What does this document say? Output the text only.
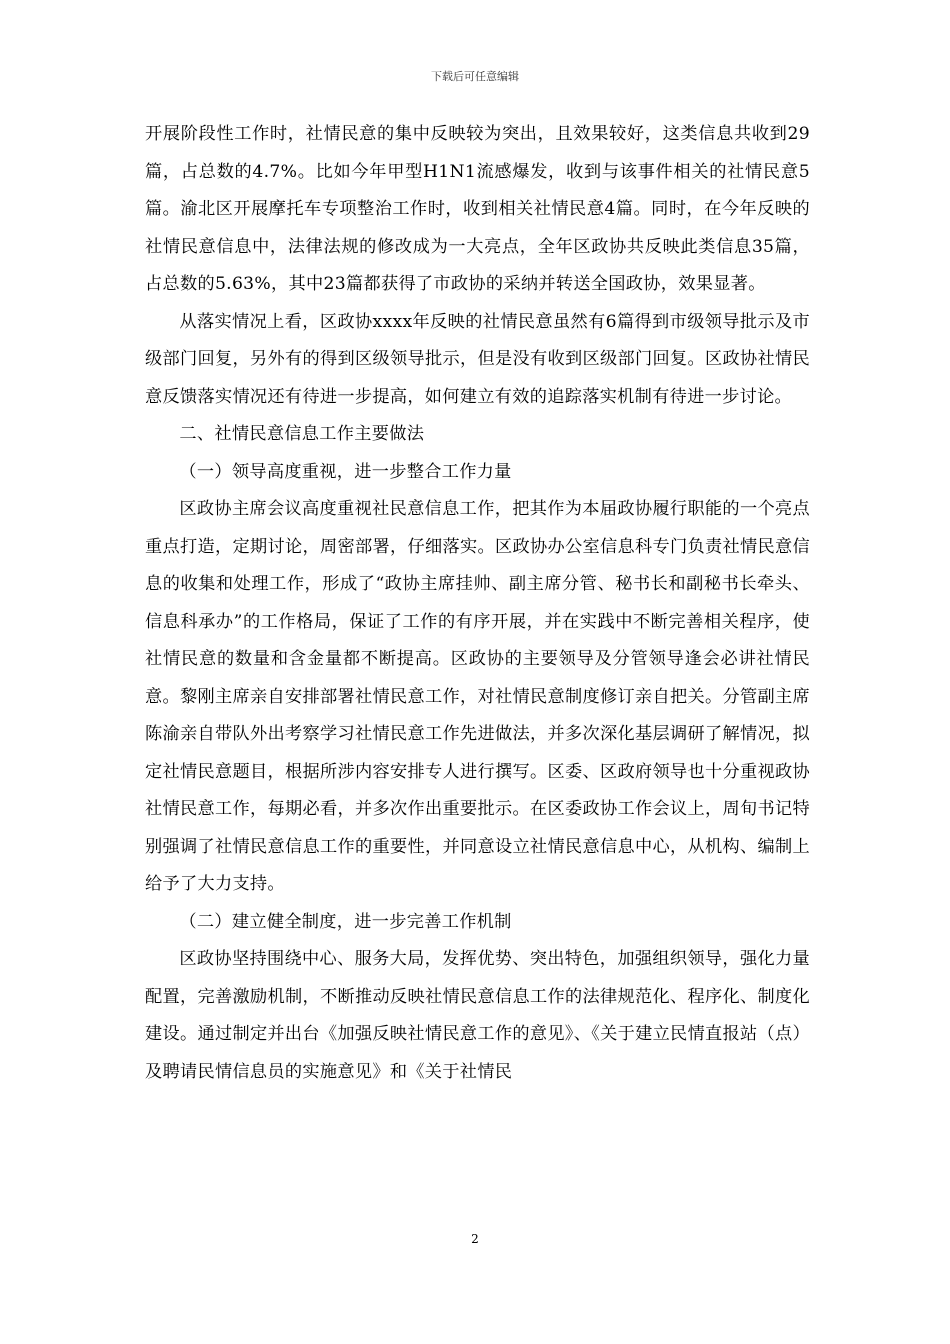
下载后可任意编辑

开展阶段性工作时，社情民意的集中反映较为突出，且效果较好，这类信息共收到29篇，占总数的4.7%。比如今年甲型H1N1流感爆发，收到与该事件相关的社情民意5篇。渝北区开展摩托车专项整治工作时，收到相关社情民意4篇。同时，在今年反映的社情民意信息中，法律法规的修改成为一大亮点，全年区政协共反映此类信息35篇，占总数的5.63%，其中23篇都获得了市政协的采纳并转送全国政协，效果显著。

从落实情况上看，区政协xxxx年反映的社情民意虽然有6篇得到市级领导批示及市级部门回复，另外有的得到区级领导批示，但是没有收到区级部门回复。区政协社情民意反馈落实情况还有待进一步提高，如何建立有效的追踪落实机制有待进一步讨论。

二、社情民意信息工作主要做法

（一）领导高度重视，进一步整合工作力量

区政协主席会议高度重视社民意信息工作，把其作为本届政协履行职能的一个亮点重点打造，定期讨论，周密部署，仔细落实。区政协办公室信息科专门负责社情民意信息的收集和处理工作，形成了“政协主席挂帅、副主席分管、秘书长和副秘书长牵头、信息科承办”的工作格局，保证了工作的有序开展，并在实践中不断完善相关程序，使社情民意的数量和含金量都不断提高。区政协的主要领导及分管领导逢会必讲社情民意。黎刚主席亲自安排部署社情民意工作，对社情民意制度修订亲自把关。分管副主席陈渝亲自带队外出考察学习社情民意工作先进做法，并多次深化基层调研了解情况，拟定社情民意题目，根据所涉内容安排专人进行撰写。区委、区政府领导也十分重视政协社情民意工作，每期必看，并多次作出重要批示。在区委政协工作会议上，周旬书记特别强调了社情民意信息工作的重要性，并同意设立社情民意信息中心，从机构、编制上给予了大力支持。

（二）建立健全制度，进一步完善工作机制

区政协坚持围绕中心、服务大局，发挥优势、突出特色，加强组织领导，强化力量配置，完善激励机制，不断推动反映社情民意信息工作的法律规范化、程序化、制度化建设。通过制定并出台《加强反映社情民意工作的意见》、《关于建立民情直报站（点）及聘请民情信息员的实施意见》和《关于社情民

2
